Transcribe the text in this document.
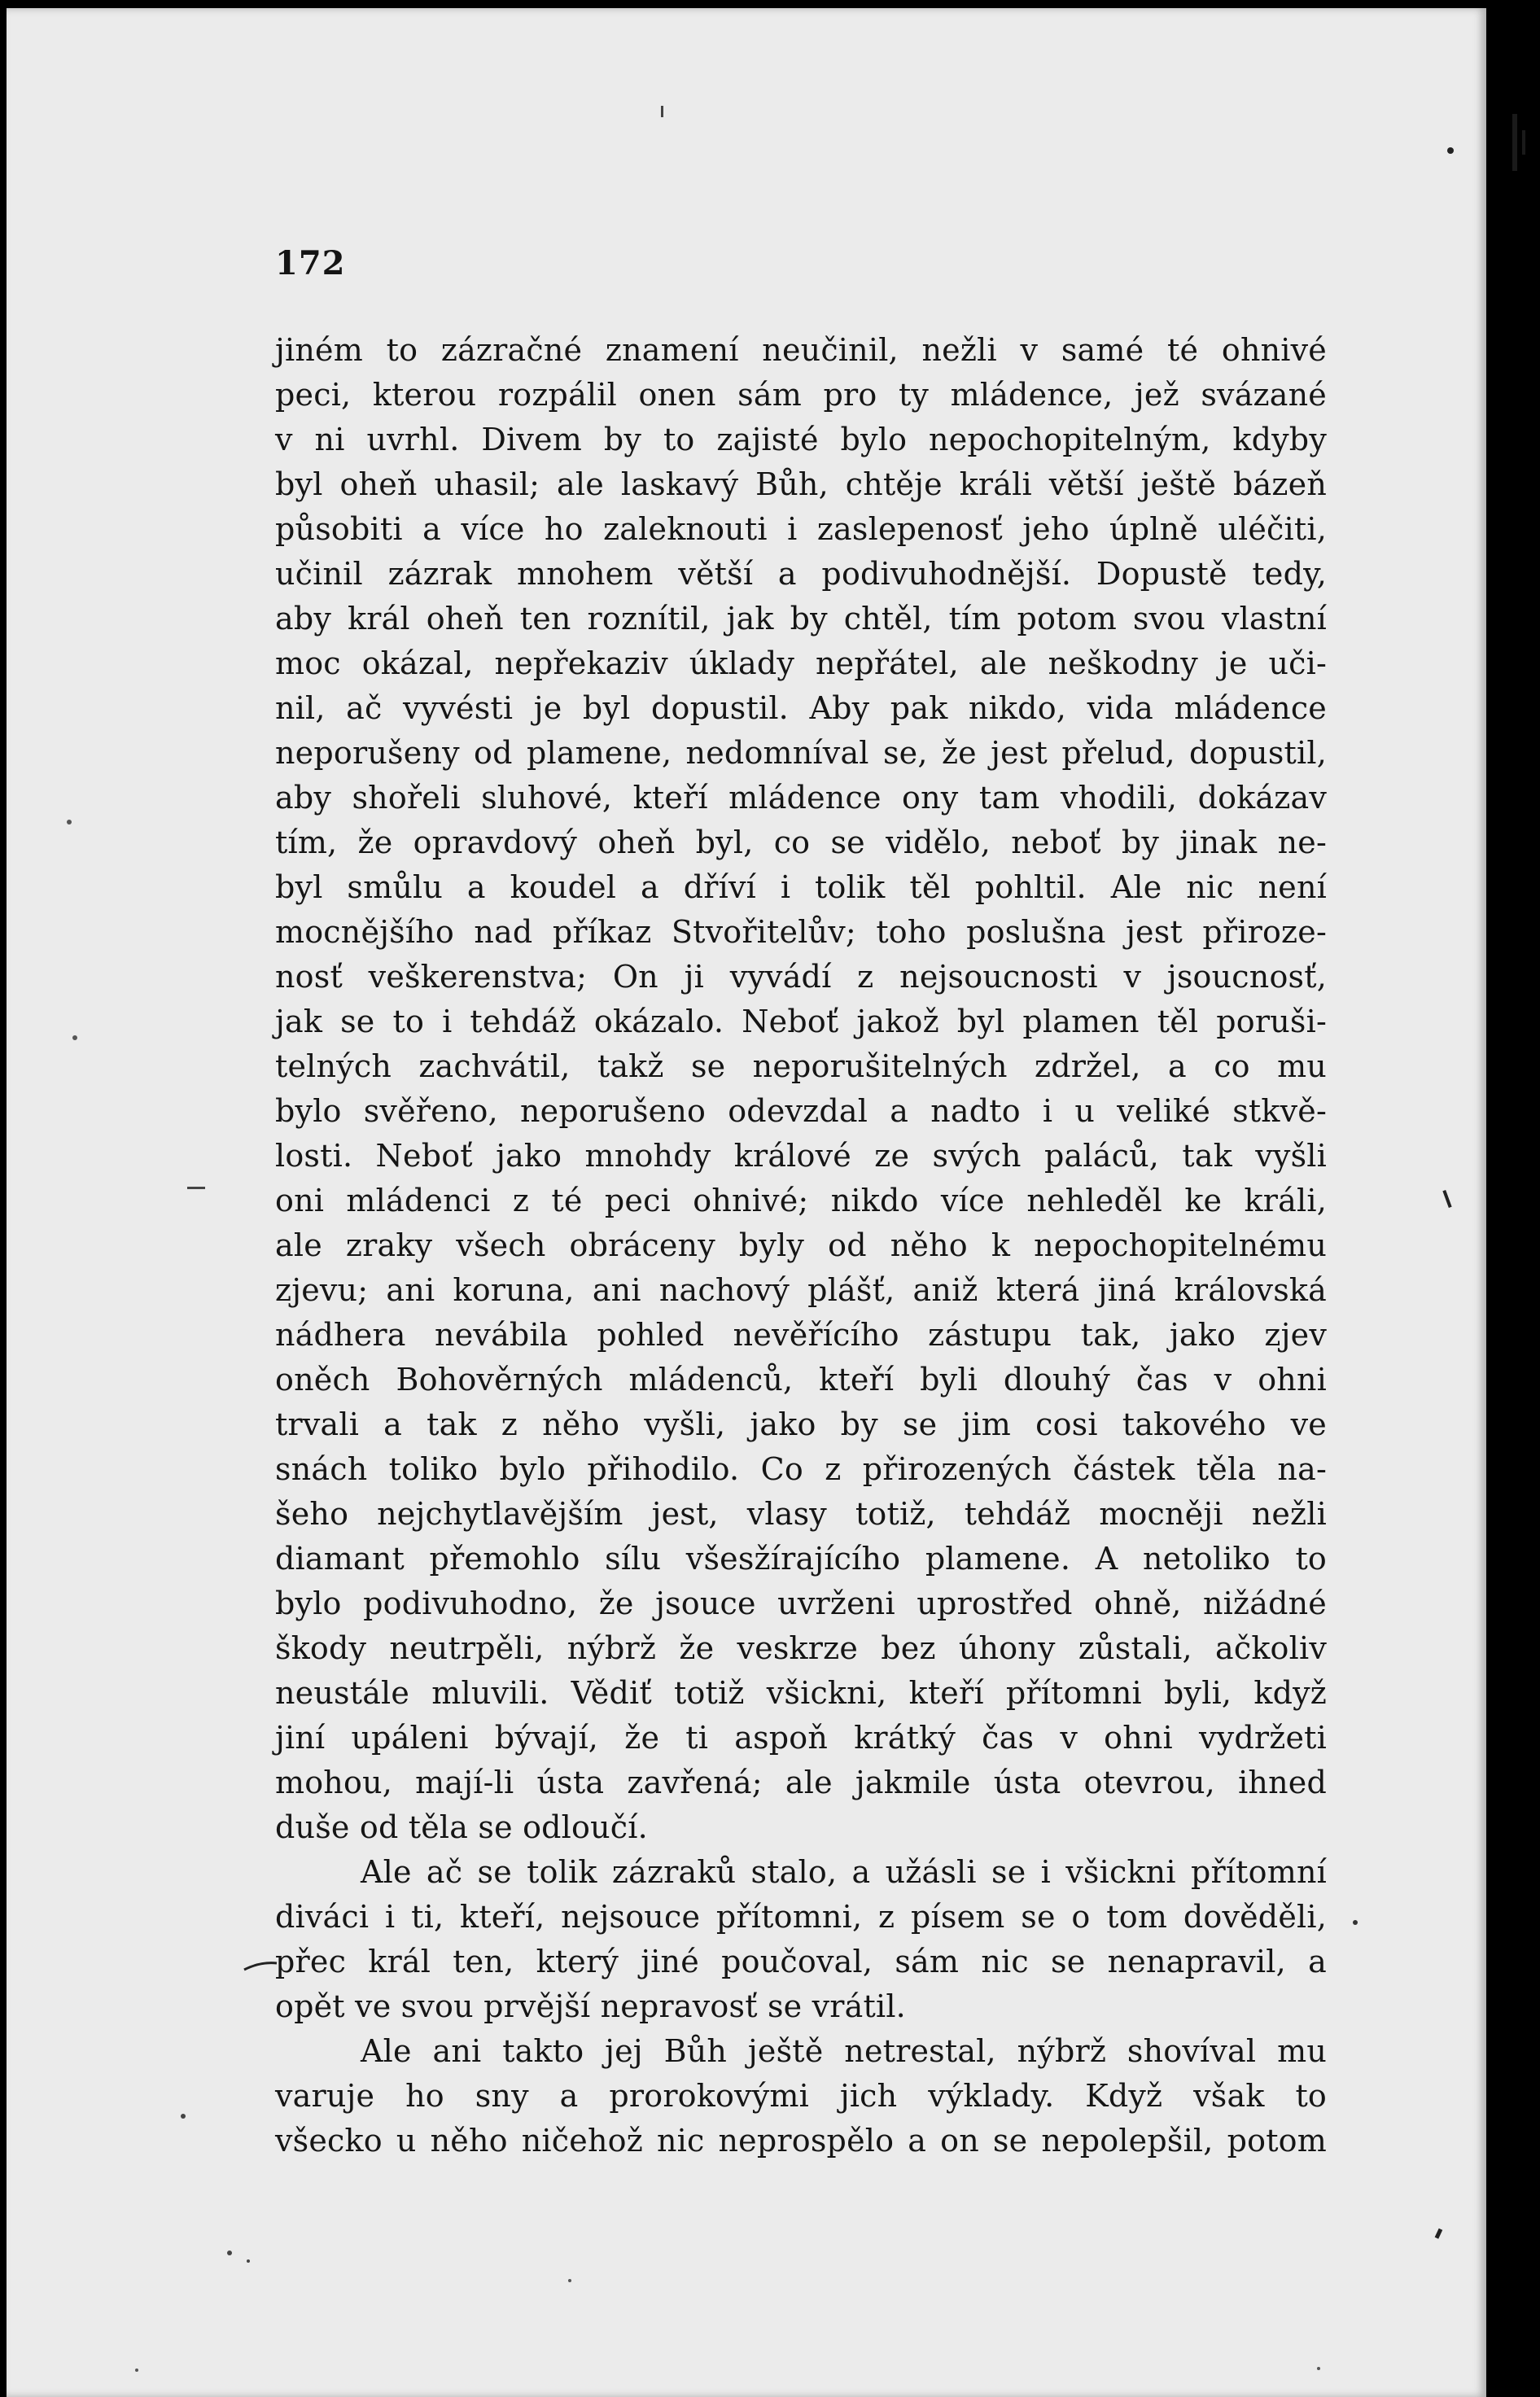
172
jiném to zázračné znamení neučinil, nežli v samé té ohnivé
peci, kterou rozpálil onen sám pro ty mládence, jež svázané
v ni uvrhl. Divem by to zajisté bylo nepochopitelným, kdyby
byl oheň uhasil; ale laskavý Bůh, chtěje králi větší ještě bázeň
působiti a více ho zaleknouti i zaslepenosť jeho úplně uléčiti,
učinil zázrak mnohem větší a podivuhodnější. Dopustě tedy,
aby král oheň ten roznítil, jak by chtěl, tím potom svou vlastní
moc okázal, nepřekaziv úklady nepřátel, ale neškodny je uči-
nil, ač vyvésti je byl dopustil. Aby pak nikdo, vida mládence
neporušeny od plamene, nedomníval se, že jest přelud, dopustil,
aby shořeli sluhové, kteří mládence ony tam vhodili, dokázav
tím, že opravdový oheň byl, co se vidělo, neboť by jinak ne-
byl smůlu a koudel a dříví i tolik těl pohltil. Ale nic není
mocnějšího nad příkaz Stvořitelův; toho poslušna jest přiroze-
nosť veškerenstva; On ji vyvádí z nejsoucnosti v jsoucnosť,
jak se to i tehdáž okázalo. Neboť jakož byl plamen těl poruši-
telných zachvátil, takž se neporušitelných zdržel, a co mu
bylo svěřeno, neporušeno odevzdal a nadto i u veliké stkvě-
losti. Neboť jako mnohdy králové ze svých paláců, tak vyšli
oni mládenci z té peci ohnivé; nikdo více nehleděl ke králi,
ale zraky všech obráceny byly od něho k nepochopitelnému
zjevu; ani koruna, ani nachový plášť, aniž která jiná královská
nádhera nevábila pohled nevěřícího zástupu tak, jako zjev
oněch Bohověrných mládenců, kteří byli dlouhý čas v ohni
trvali a tak z něho vyšli, jako by se jim cosi takového ve
snách toliko bylo přihodilo. Co z přirozených částek těla na-
šeho nejchytlavějším jest, vlasy totiž, tehdáž mocněji nežli
diamant přemohlo sílu všesžírajícího plamene. A netoliko to
bylo podivuhodno, že jsouce uvrženi uprostřed ohně, nižádné
škody neutrpěli, nýbrž že veskrze bez úhony zůstali, ačkoliv
neustále mluvili. Vědiť totiž všickni, kteří přítomni byli, když
jiní upáleni bývají, že ti aspoň krátký čas v ohni vydržeti
mohou, mají-li ústa zavřená; ale jakmile ústa otevrou, ihned
duše od těla se odloučí.
Ale ač se tolik zázraků stalo, a užásli se i všickni přítomní
diváci i ti, kteří, nejsouce přítomni, z písem se o tom dověděli,
přec král ten, který jiné poučoval, sám nic se nenapravil, a
opět ve svou prvější nepravosť se vrátil.
Ale ani takto jej Bůh ještě netrestal, nýbrž shovíval mu
varuje ho sny a prorokovými jich výklady. Když však to
všecko u něho ničehož nic neprospělo a on se nepolepšil, potom
